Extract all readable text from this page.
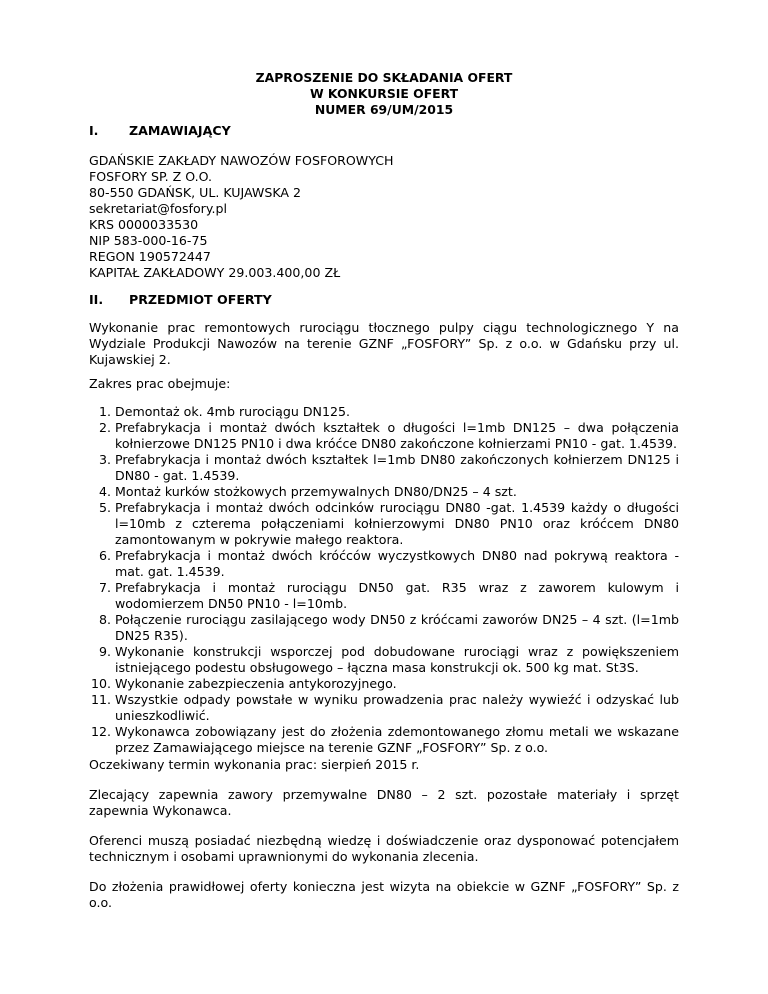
ZAPROSZENIE DO SKŁADANIA OFERT
W KONKURSIE OFERT
NUMER 69/UM/2015
I. ZAMAWIAJĄCY
GDAŃSKIE ZAKŁADY NAWOZÓW FOSFOROWYCH
FOSFORY SP. Z O.O.
80-550 GDAŃSK, UL. KUJAWSKA 2
sekretariat@fosfory.pl
KRS 0000033530
NIP 583-000-16-75
REGON 190572447
KAPITAŁ ZAKŁADOWY 29.003.400,00 ZŁ
II. PRZEDMIOT OFERTY
Wykonanie prac remontowych rurociągu tłocznego pulpy ciągu technologicznego Y na Wydziale Produkcji Nawozów na terenie GZNF „FOSFORY” Sp. z o.o. w Gdańsku przy ul. Kujawskiej 2.
Zakres prac obejmuje:
1. Demontaż ok. 4mb rurociągu DN125.
2. Prefabrykacja i montaż dwóch kształtek o długości l=1mb DN125 – dwa połączenia kołnierzowe DN125 PN10 i dwa króćce DN80 zakończone kołnierzami PN10 - gat. 1.4539.
3. Prefabrykacja i montaż dwóch kształtek l=1mb DN80 zakończonych kołnierzem DN125 i DN80 - gat. 1.4539.
4. Montaż kurków stożkowych przemywalnych DN80/DN25 – 4 szt.
5. Prefabrykacja i montaż dwóch odcinków rurociągu DN80 -gat. 1.4539 każdy o długości l=10mb z czterema połączeniami kołnierzowymi DN80 PN10 oraz króćcem DN80 zamontowanym w pokrywie małego reaktora.
6. Prefabrykacja i montaż dwóch króćców wyczystkowych DN80 nad pokrywą reaktora - mat. gat. 1.4539.
7. Prefabrykacja i montaż rurociągu DN50 gat. R35 wraz z zaworem kulowym i wodomierzem DN50 PN10 - l=10mb.
8. Połączenie rurociągu zasilającego wody DN50 z króćcami zaworów DN25 – 4 szt. (l=1mb DN25 R35).
9. Wykonanie konstrukcji wsporczej pod dobudowane rurociągi wraz z powiększeniem istniejącego podestu obsługowego – łączna masa konstrukcji ok. 500 kg mat. St3S.
10. Wykonanie zabezpieczenia antykorozyjnego.
11. Wszystkie odpady powstałe w wyniku prowadzenia prac należy wywieźć i odzyskać lub unieszkodliwić.
12. Wykonawca zobowiązany jest do złożenia zdemontowanego złomu metali we wskazane przez Zamawiającego miejsce na terenie GZNF „FOSFORY” Sp. z o.o.
Oczekiwany termin wykonania prac: sierpień 2015 r.
Zlecający zapewnia zawory przemywalne DN80 – 2 szt. pozostałe materiały i sprzęt zapewnia Wykonawca.
Oferenci muszą posiadać niezbędną wiedzę i doświadczenie oraz dysponować potencjałem technicznym i osobami uprawnionymi do wykonania zlecenia.
Do złożenia prawidłowej oferty konieczna jest wizyta na obiekcie w GZNF „FOSFORY” Sp. z o.o.
